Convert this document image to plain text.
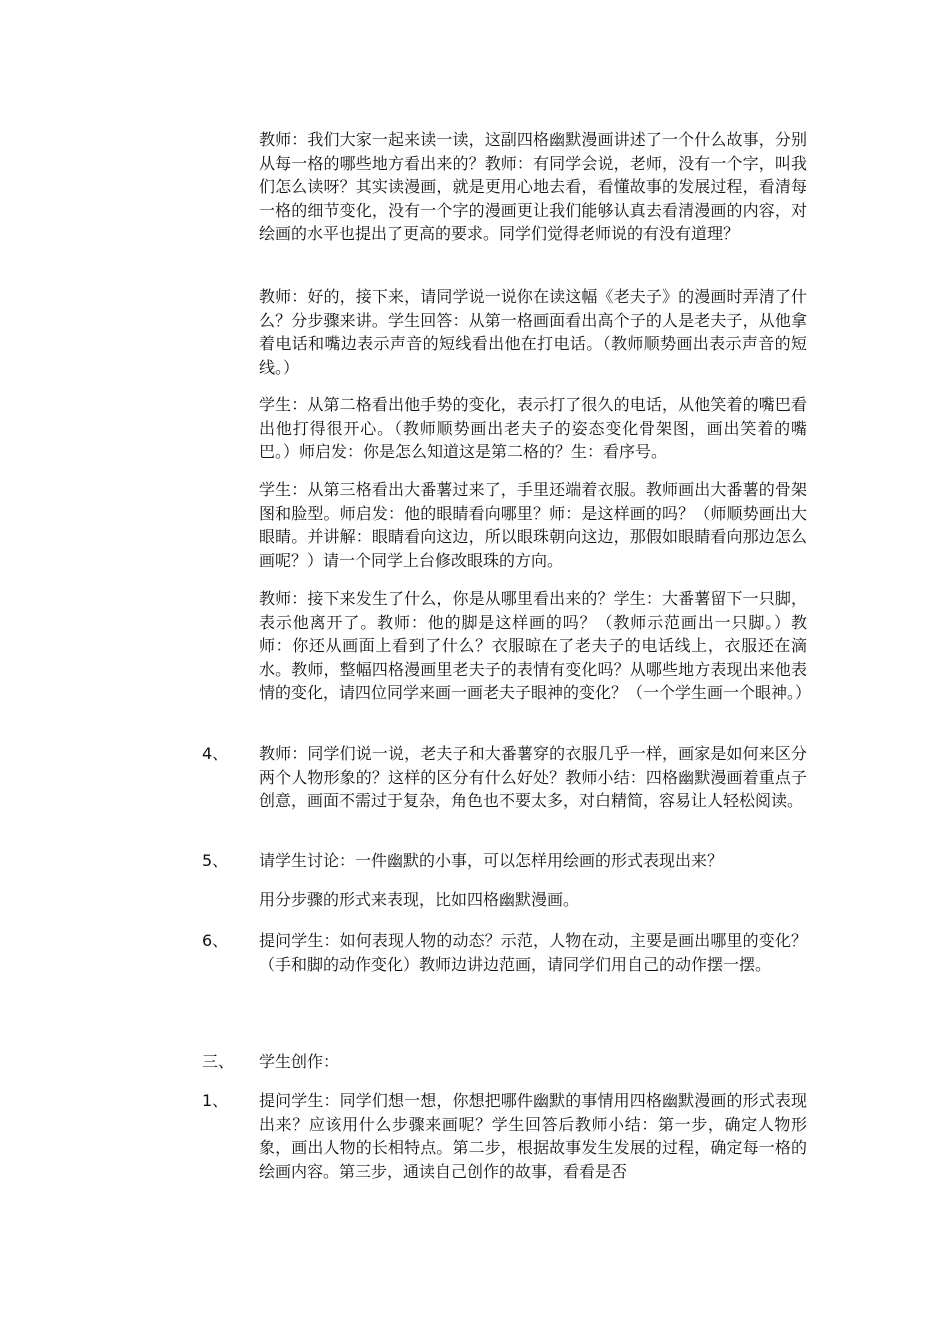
教师：我们大家一起来读一读，这副四格幽默漫画讲述了一个什么故事，分别从每一格的哪些地方看出来的？教师：有同学会说，老师，没有一个字，叫我们怎么读呀？其实读漫画，就是更用心地去看，看懂故事的发展过程，看清每一格的细节变化，没有一个字的漫画更让我们能够认真去看清漫画的内容，对绘画的水平也提出了更高的要求。同学们觉得老师说的有没有道理？

教师：好的，接下来，请同学说一说你在读这幅《老夫子》的漫画时弄清了什么？分步骤来讲。学生回答：从第一格画面看出高个子的人是老夫子，从他拿着电话和嘴边表示声音的短线看出他在打电话。（教师顺势画出表示声音的短线。）

学生：从第二格看出他手势的变化，表示打了很久的电话，从他笑着的嘴巴看出他打得很开心。（教师顺势画出老夫子的姿态变化骨架图，画出笑着的嘴巴。）师启发：你是怎么知道这是第二格的？生：看序号。

学生：从第三格看出大番薯过来了，手里还端着衣服。教师画出大番薯的骨架图和脸型。师启发：他的眼睛看向哪里？师：是这样画的吗？（师顺势画出大眼睛。并讲解：眼睛看向这边，所以眼珠朝向这边，那假如眼睛看向那边怎么画呢？）请一个同学上台修改眼珠的方向。

教师：接下来发生了什么，你是从哪里看出来的？学生：大番薯留下一只脚，表示他离开了。教师：他的脚是这样画的吗？（教师示范画出一只脚。）教师：你还从画面上看到了什么？衣服晾在了老夫子的电话线上，衣服还在滴水。教师，整幅四格漫画里老夫子的表情有变化吗？从哪些地方表现出来他表情的变化，请四位同学来画一画老夫子眼神的变化？（一个学生画一个眼神。）

4、 教师：同学们说一说，老夫子和大番薯穿的衣服几乎一样，画家是如何来区分两个人物形象的？这样的区分有什么好处？教师小结：四格幽默漫画着重点子创意，画面不需过于复杂，角色也不要太多，对白精简，容易让人轻松阅读。

5、 请学生讨论：一件幽默的小事，可以怎样用绘画的形式表现出来？

用分步骤的形式来表现，比如四格幽默漫画。

6、 提问学生：如何表现人物的动态？示范，人物在动，主要是画出哪里的变化？（手和脚的动作变化）教师边讲边范画，请同学们用自己的动作摆一摆。

三、 学生创作：

1、 提问学生：同学们想一想，你想把哪件幽默的事情用四格幽默漫画的形式表现出来？应该用什么步骤来画呢？学生回答后教师小结：第一步，确定人物形象，画出人物的长相特点。第二步，根据故事发生发展的过程，确定每一格的绘画内容。第三步，通读自己创作的故事，看看是否
